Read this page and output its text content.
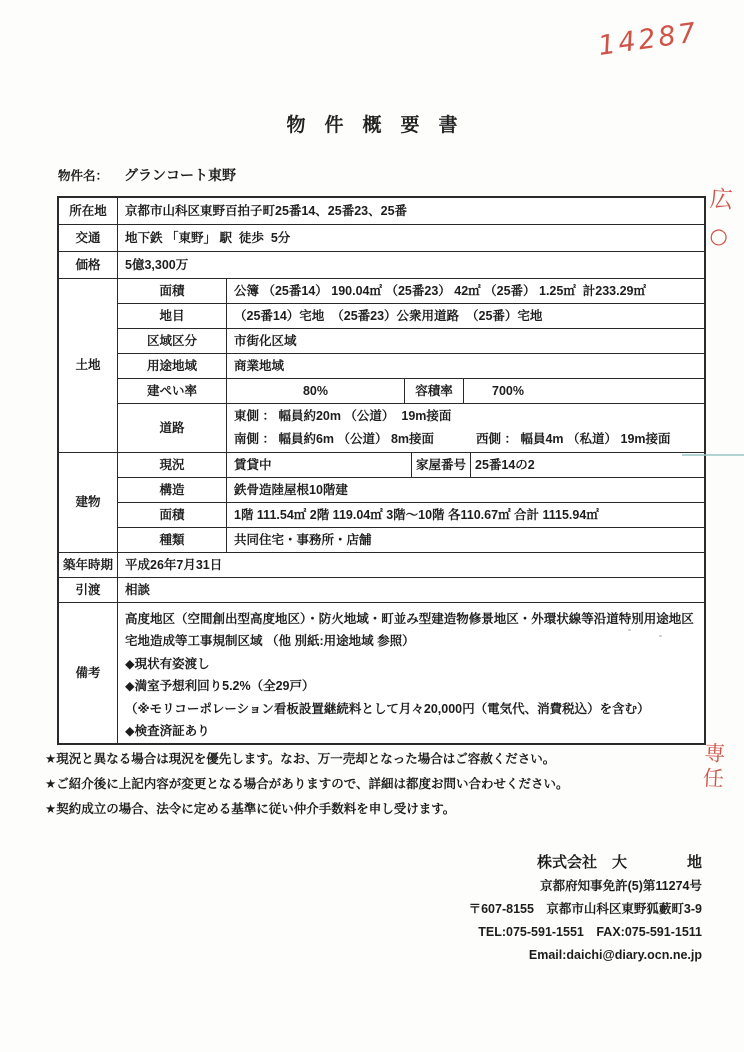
14287
物　件　概　要　書
物件名： グランコート東野
広
○
所在地	京都市山科区東野百拍子町25番14、25番23、25番
交通	地下鉄 「東野」 駅  徒歩  5分
価格	5億3,300万
土地
面積	公簿 （25番14） 190.04㎡ （25番23） 42㎡ （25番） 1.25㎡  計233.29㎡
地目	（25番14）宅地  （25番23）公衆用道路  （25番）宅地
区域区分	市街化区域
用途地域	商業地域
建ぺい率	80%	容積率	700%
道路
東側 ： 幅員約20m （公道）  19m接面
南側 ： 幅員約6m （公道） 8m接面	西側 ： 幅員4m （私道） 19m接面
建物
現況	賃貸中	家屋番号 25番14の2
構造	鉄骨造陸屋根10階建
面積	1階 111.54㎡ 2階 119.04㎡ 3階～10階 各110.67㎡ 合計 1115.94㎡
種類	共同住宅・事務所・店舗
築年時期 平成26年7月31日
引渡	相談
備考
高度地区（空間創出型高度地区）・防火地域・町並み型建造物修景地区・外環状線等沿道特別用途地区
宅地造成等工事規制区域 （他 別紙:用途地域 参照）
◆現状有姿渡し
◆満室予想利回り5.2%（全29戸）
（※モリコーポレーション看板設置継続料として月々20,000円（電気代、消費税込）を含む）
◆検査済証あり
★現況と異なる場合は現況を優先します。なお、万一売却となった場合はご容赦ください。
★ご紹介後に上記内容が変更となる場合がありますので、詳細は都度お問い合わせください。
★契約成立の場合、法令に定める基準に従い仲介手数料を申し受けます。
専任
株式会社　大　　　　地
京都府知事免許(5)第11274号
〒607-8155　京都市山科区東野狐藪町3-9
TEL:075-591-1551　FAX:075-591-1511
Email:daichi@diary.ocn.ne.jp
